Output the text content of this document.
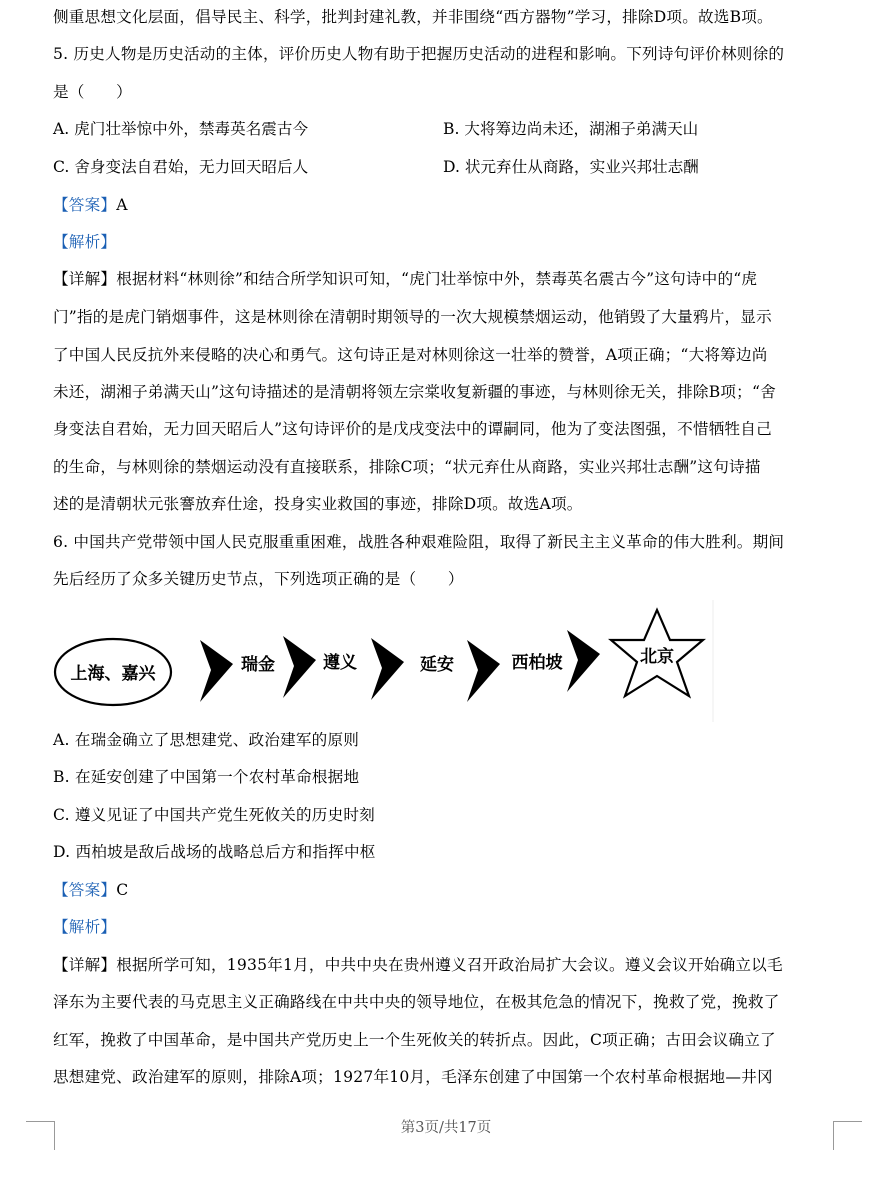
侧重思想文化层面，倡导民主、科学，批判封建礼教，并非围绕“西方器物”学习，排除D项。故选B项。
5. 历史人物是历史活动的主体，评价历史人物有助于把握历史活动的进程和影响。下列诗句评价林则徐的
是（　　）
A. 虎门壮举惊中外，禁毒英名震古今	B. 大将筹边尚未还，湖湘子弟满天山
C. 舍身变法自君始，无力回天昭后人	D. 状元弃仕从商路，实业兴邦壮志酬
【答案】A
【解析】
【详解】根据材料“林则徐”和结合所学知识可知，“虎门壮举惊中外，禁毒英名震古今”这句诗中的“虎
门”指的是虎门销烟事件，这是林则徐在清朝时期领导的一次大规模禁烟运动，他销毁了大量鸦片，显示
了中国人民反抗外来侵略的决心和勇气。这句诗正是对林则徐这一壮举的赞誉，A项正确；“大将筹边尚
未还，湖湘子弟满天山”这句诗描述的是清朝将领左宗棠收复新疆的事迹，与林则徐无关，排除B项；“舍
身变法自君始，无力回天昭后人”这句诗评价的是戊戌变法中的谭嗣同，他为了变法图强，不惜牺牲自己
的生命，与林则徐的禁烟运动没有直接联系，排除C项；“状元弃仕从商路，实业兴邦壮志酬”这句诗描
述的是清朝状元张謇放弃仕途，投身实业救国的事迹，排除D项。故选A项。
6. 中国共产党带领中国人民克服重重困难，战胜各种艰难险阻，取得了新民主主义革命的伟大胜利。期间
先后经历了众多关键历史节点，下列选项正确的是（　　）
上海、嘉兴	瑞金	遵义	延安	西柏坡	北京
A. 在瑞金确立了思想建党、政治建军的原则
B. 在延安创建了中国第一个农村革命根据地
C. 遵义见证了中国共产党生死攸关的历史时刻
D. 西柏坡是敌后战场的战略总后方和指挥中枢
【答案】C
【解析】
【详解】根据所学可知，1935年1月，中共中央在贵州遵义召开政治局扩大会议。遵义会议开始确立以毛
泽东为主要代表的马克思主义正确路线在中共中央的领导地位，在极其危急的情况下，挽救了党，挽救了
红军，挽救了中国革命，是中国共产党历史上一个生死攸关的转折点。因此，C项正确；古田会议确立了
思想建党、政治建军的原则，排除A项；1927年10月，毛泽东创建了中国第一个农村革命根据地—井冈
第3页/共17页
